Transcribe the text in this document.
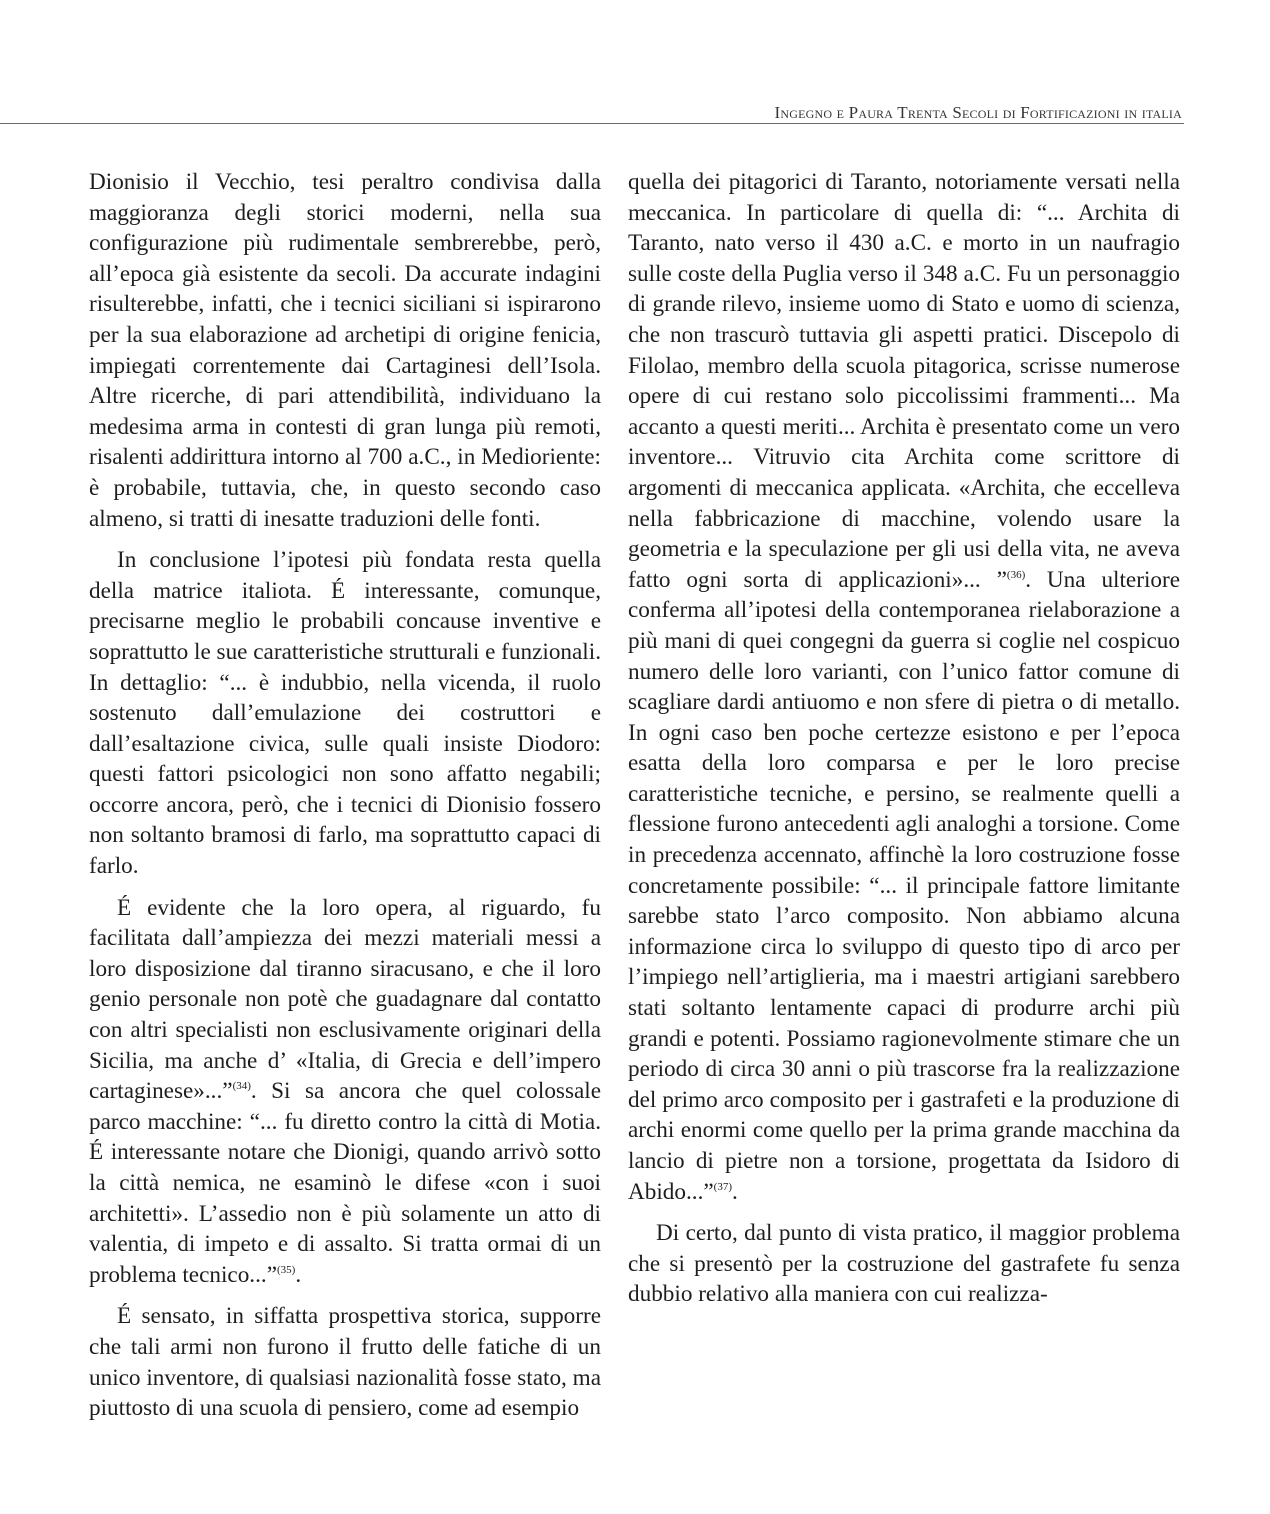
Ingegno e Paura Trenta Secoli di Fortificazioni in italia

Dionisio il Vecchio, tesi peraltro condivisa dalla maggioranza degli storici moderni, nella sua configurazione più rudimentale sembrerebbe, però, all’epoca già esistente da secoli. Da accurate indagini risulterebbe, infatti, che i tecnici siciliani si ispirarono per la sua elaborazione ad archetipi di origine fenicia, impiegati correntemente dai Cartaginesi dell’Isola. Altre ricerche, di pari attendibilità, individuano la medesima arma in contesti di gran lunga più remoti, risalenti addirittura intorno al 700 a.C., in Medioriente: è probabile, tuttavia, che, in questo secondo caso almeno, si tratti di inesatte traduzioni delle fonti.

In conclusione l’ipotesi più fondata resta quella della matrice italiota. É interessante, comunque, precisarne meglio le probabili concause inventive e soprattutto le sue caratteristiche strutturali e funzionali. In dettaglio: “... è indubbio, nella vicenda, il ruolo sostenuto dall’emulazione dei costruttori e dall’esaltazione civica, sulle quali insiste Diodoro: questi fattori psicologici non sono affatto negabili; occorre ancora, però, che i tecnici di Dionisio fossero non soltanto bramosi di farlo, ma soprattutto capaci di farlo.

É evidente che la loro opera, al riguardo, fu facilitata dall’ampiezza dei mezzi materiali messi a loro disposizione dal tiranno siracusano, e che il loro genio personale non potè che guadagnare dal contatto con altri specialisti non esclusivamente originari della Sicilia, ma anche d’ «Italia, di Grecia e dell’impero cartaginese»...”$^{(34)}$. Si sa ancora che quel colossale parco macchine: “... fu diretto contro la città di Motia. É interessante notare che Dionigi, quando arrivò sotto la città nemica, ne esaminò le difese «con i suoi architetti». L’assedio non è più solamente un atto di valentia, di impeto e di assalto. Si tratta ormai di un problema tecnico...”$^{(35)}$.

É sensato, in siffatta prospettiva storica, supporre che tali armi non furono il frutto delle fatiche di un unico inventore, di qualsiasi nazionalità fosse stato, ma piuttosto di una scuola di pensiero, come ad esempio

quella dei pitagorici di Taranto, notoriamente versati nella meccanica. In particolare di quella di: “... Archita di Taranto, nato verso il 430 a.C. e morto in un naufragio sulle coste della Puglia verso il 348 a.C. Fu un personaggio di grande rilevo, insieme uomo di Stato e uomo di scienza, che non trascurò tuttavia gli aspetti pratici. Discepolo di Filolao, membro della scuola pitagorica, scrisse numerose opere di cui restano solo piccolissimi frammenti... Ma accanto a questi meriti... Archita è presentato come un vero inventore... Vitruvio cita Archita come scrittore di argomenti di meccanica applicata. «Archita, che eccelleva nella fabbricazione di macchine, volendo usare la geometria e la speculazione per gli usi della vita, ne aveva fatto ogni sorta di applicazioni»... ”$^{(36)}$. Una ulteriore conferma all’ipotesi della contemporanea rielaborazione a più mani di quei congegni da guerra si coglie nel cospicuo numero delle loro varianti, con l’unico fattor comune di scagliare dardi antiuomo e non sfere di pietra o di metallo. In ogni caso ben poche certezze esistono e per l’epoca esatta della loro comparsa e per le loro precise caratteristiche tecniche, e persino, se realmente quelli a flessione furono antecedenti agli analoghi a torsione. Come in precedenza accennato, affinchè la loro costruzione fosse concretamente possibile: “... il principale fattore limitante sarebbe stato l’arco composito. Non abbiamo alcuna informazione circa lo sviluppo di questo tipo di arco per l’impiego nell’artiglieria, ma i maestri artigiani sarebbero stati soltanto lentamente capaci di produrre archi più grandi e potenti. Possiamo ragionevolmente stimare che un periodo di circa 30 anni o più trascorse fra la realizzazione del primo arco composito per i gastrafeti e la produzione di archi enormi come quello per la prima grande macchina da lancio di pietre non a torsione, progettata da Isidoro di Abido...”$^{(37)}$.

Di certo, dal punto di vista pratico, il maggior problema che si presentò per la costruzione del gastrafete fu senza dubbio relativo alla maniera con cui realizza-
